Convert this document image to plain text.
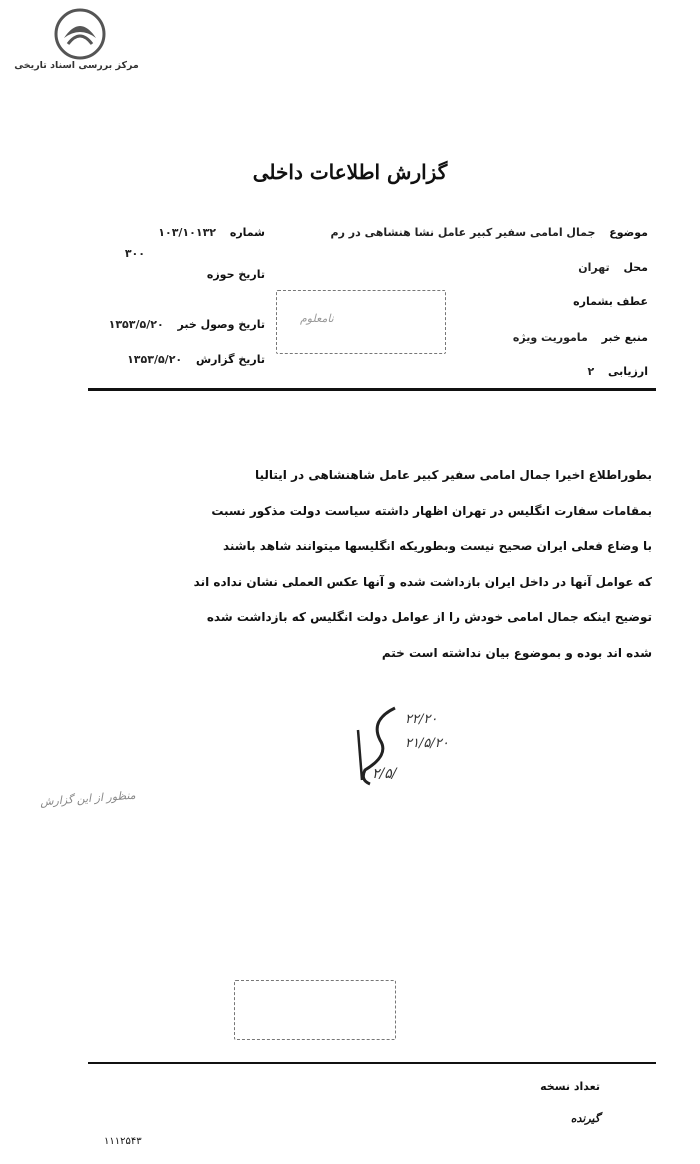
مرکز بررسی اسناد تاریخی
گزارش اطلاعات داخلی
موضوع جمال امامی سفیر کبیر عامل نشا هنشاهی در رم
محل تهران
عطف بشماره
منبع خبر ماموریت ویژه
ارزیابی ۲
شماره ۱۰۳/۱۰۱۳۲
۳۰۰
تاریخ حوزه
تاریخ وصول خبر ۱۳۵۳/۵/۲۰
تاریخ گزارش ۱۳۵۳/۵/۲۰
نامعلوم
بطوراطلاع اخیرا جمال امامی سفیر کبیر عامل شاهنشاهی در ایتالیا
بمقامات سفارت انگلیس در تهران اظهار داشته سیاست دولت مذکور نسبت
با وضاع فعلی ایران صحیح نیست وبطوریکه انگلیسها میتوانند شاهد باشند
که عوامل آنها در داخل ایران بازداشت شده و آنها عکس العملی نشان نداده اند
توضیح اینکه جمال امامی خودش را از عوامل دولت انگلیس که بازداشت شده
شده اند بوده و بموضوع بیان نداشته است ختم
۲۲/۲۰
۲۱/۵/۲۰
۲/۵/
منظور از این گزارش
تعداد نسخه
گیرنده
۱۱۱۲۵۴۳
